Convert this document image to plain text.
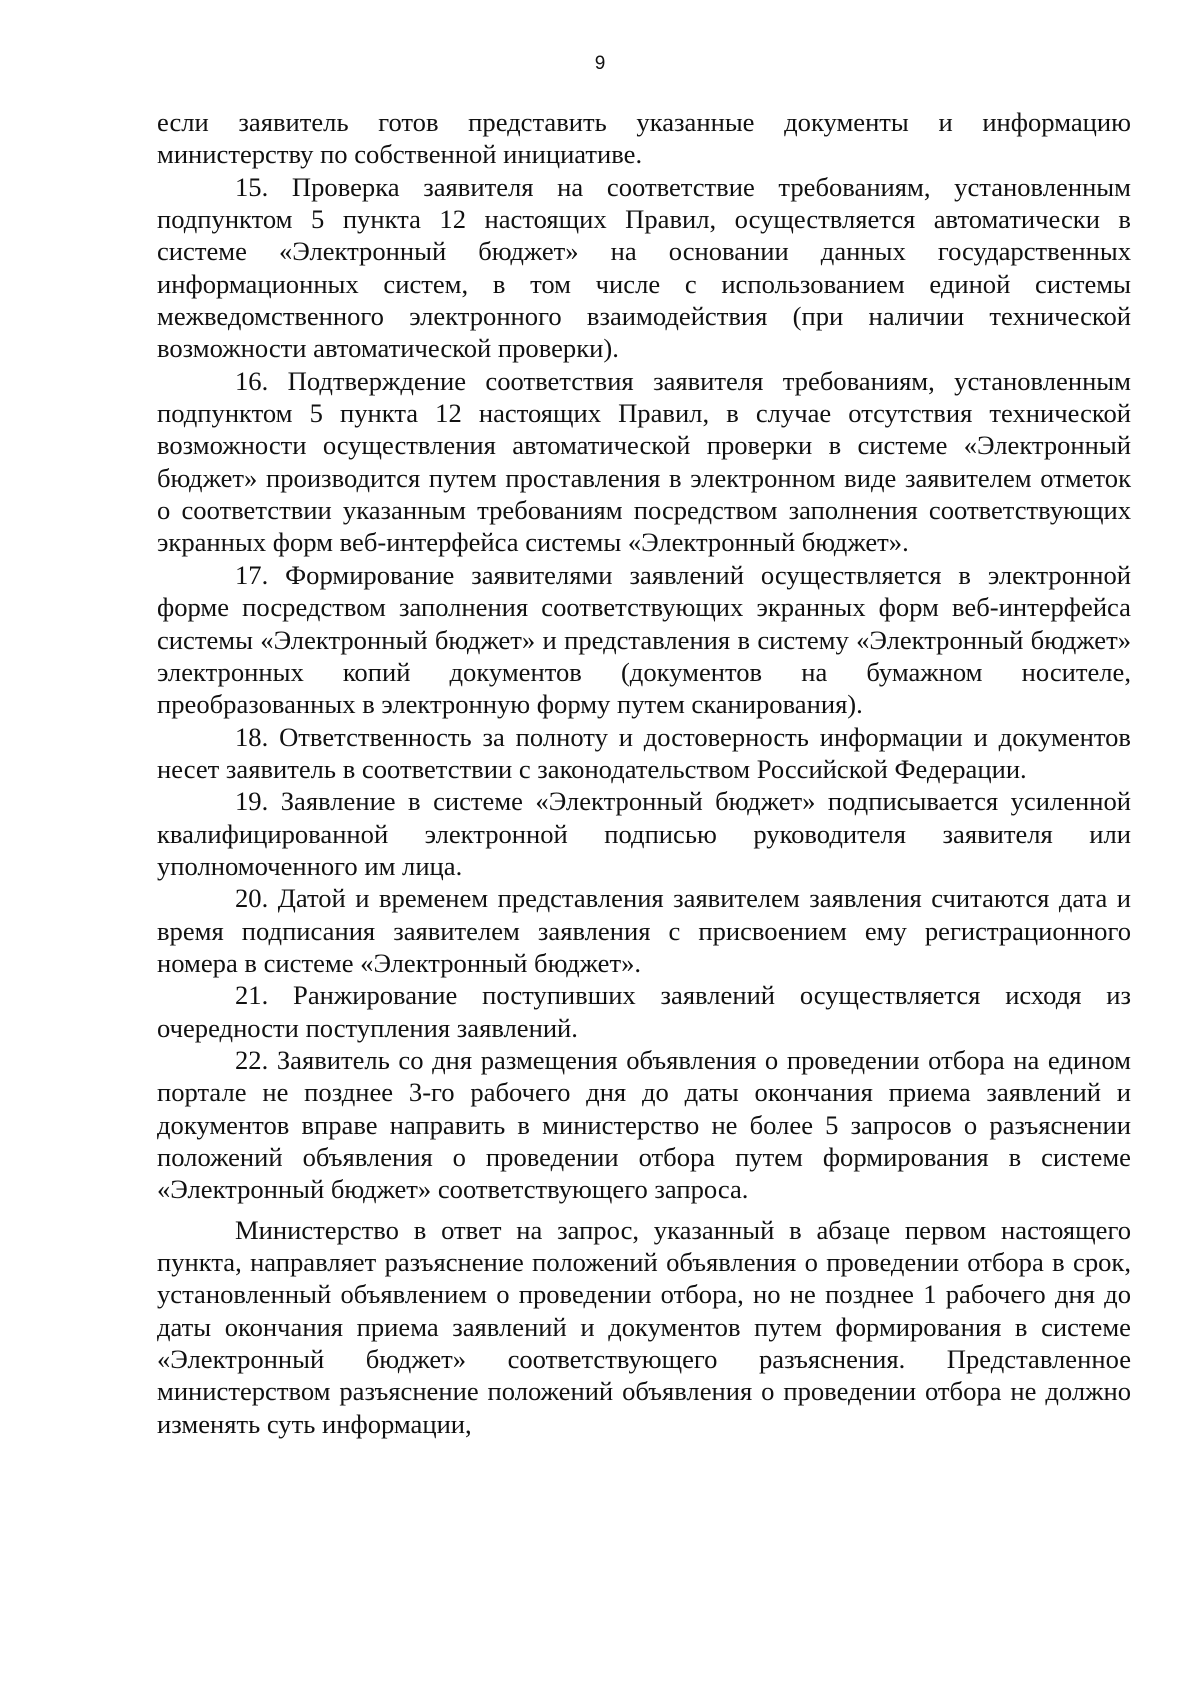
9

если заявитель готов представить указанные документы и информацию министерству по собственной инициативе.

15. Проверка заявителя на соответствие требованиям, установленным подпунктом 5 пункта 12 настоящих Правил, осуществляется автоматически в системе «Электронный бюджет» на основании данных государственных информационных систем, в том числе с использованием единой системы межведомственного электронного взаимодействия (при наличии технической возможности автоматической проверки).

16. Подтверждение соответствия заявителя требованиям, установленным подпунктом 5 пункта 12 настоящих Правил, в случае отсутствия технической возможности осуществления автоматической проверки в системе «Электронный бюджет» производится путем проставления в электронном виде заявителем отметок о соответствии указанным требованиям посредством заполнения соответствующих экранных форм веб-интерфейса системы «Электронный бюджет».

17. Формирование заявителями заявлений осуществляется в электронной форме посредством заполнения соответствующих экранных форм веб-интерфейса системы «Электронный бюджет» и представления в систему «Электронный бюджет» электронных копий документов (документов на бумажном носителе, преобразованных в электронную форму путем сканирования).

18. Ответственность за полноту и достоверность информации и документов несет заявитель в соответствии с законодательством Российской Федерации.

19. Заявление в системе «Электронный бюджет» подписывается усиленной квалифицированной электронной подписью руководителя заявителя или уполномоченного им лица.

20. Датой и временем представления заявителем заявления считаются дата и время подписания заявителем заявления с присвоением ему регистрационного номера в системе «Электронный бюджет».

21. Ранжирование поступивших заявлений осуществляется исходя из очередности поступления заявлений.

22. Заявитель со дня размещения объявления о проведении отбора на едином портале не позднее 3-го рабочего дня до даты окончания приема заявлений и документов вправе направить в министерство не более 5 запросов о разъяснении положений объявления о проведении отбора путем формирования в системе «Электронный бюджет» соответствующего запроса.

Министерство в ответ на запрос, указанный в абзаце первом настоящего пункта, направляет разъяснение положений объявления о проведении отбора в срок, установленный объявлением о проведении отбора, но не позднее 1 рабочего дня до даты окончания приема заявлений и документов путем формирования в системе «Электронный бюджет» соответствующего разъяснения. Представленное министерством разъяснение положений объявления о проведении отбора не должно изменять суть информации,
